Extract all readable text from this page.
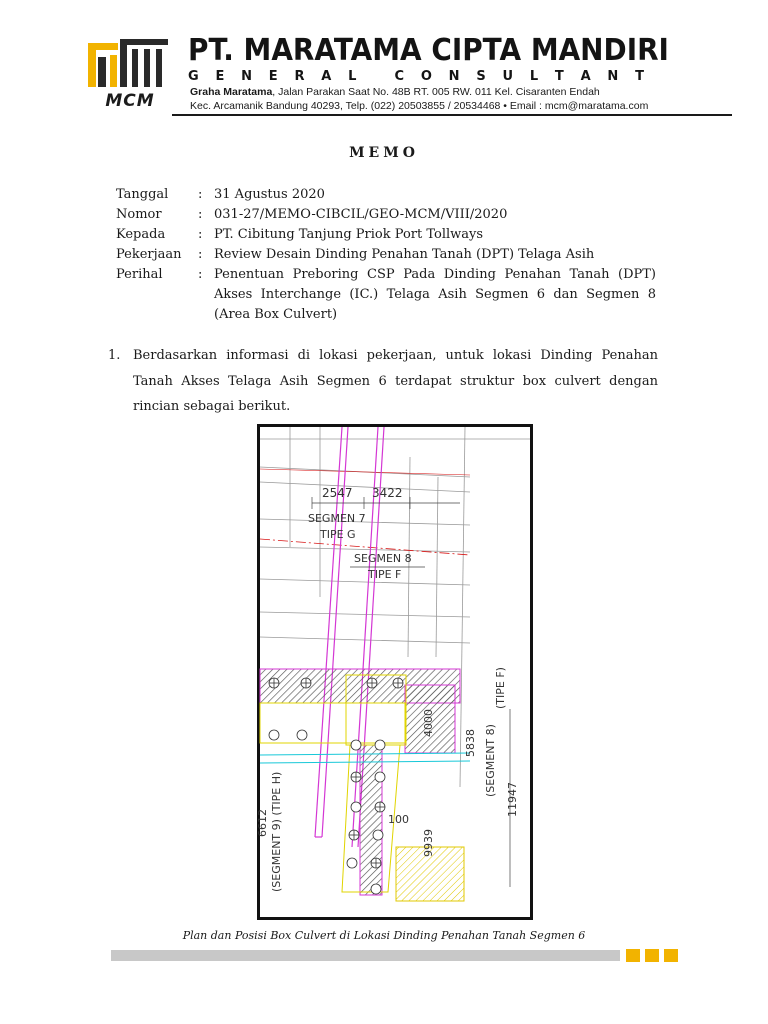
MCM
PT. MARATAMA CIPTA MANDIRI
G E N E R A L
	C O N S U L T A N T
Graha Maratama, Jalan Parakan Saat No. 48B RT. 005 RW. 011 Kel. Cisaranten Endah
Kec. Arcamanik Bandung 40293, Telp. (022) 20503855 / 20534468 • Email : mcm@maratama.com
MEMO
Tanggal	: 31 Agustus 2020
Nomor	: 031-27/MEMO-CIBCIL/GEO-MCM/VIII/2020
Kepada	: PT. Cibitung Tanjung Priok Port Tollways
Pekerjaan	: Review Desain Dinding Penahan Tanah (DPT) Telaga Asih
Perihal	: Penentuan Preboring CSP Pada Dinding Penahan Tanah (DPT) Akses Interchange (IC.) Telaga Asih Segmen 6 dan Segmen 8 (Area Box Culvert)
1. Berdasarkan informasi di lokasi pekerjaan, untuk lokasi Dinding Penahan Tanah Akses Telaga Asih Segmen 6 terdapat struktur box culvert dengan rincian sebagai berikut.
2547 3422
SEGMEN 7
TIPE G
SEGMEN 8
TIPE F
4000
5838
(TIPE F)
(SEGMENT 8)
11947
(SEGMENT 9) (TIPE H)
6612
9939
100
Plan dan Posisi Box Culvert di Lokasi Dinding Penahan Tanah Segmen 6
